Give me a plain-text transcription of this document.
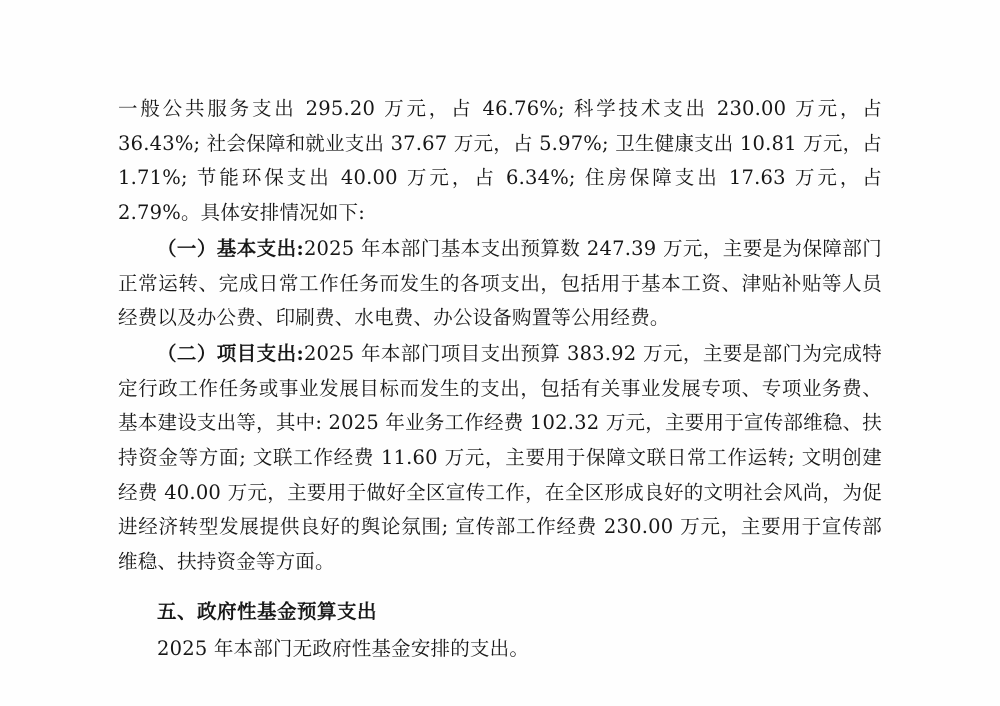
一般公共服务支出 295.20 万元，占 46.76%; 科学技术支出 230.00 万元，占 36.43%; 社会保障和就业支出 37.67 万元，占 5.97%; 卫生健康支出 10.81 万元，占 1.71%; 节能环保支出 40.00 万元，占 6.34%; 住房保障支出 17.63 万元，占 2.79%。具体安排情况如下:

（一）基本支出:2025 年本部门基本支出预算数 247.39 万元，主要是为保障部门正常运转、完成日常工作任务而发生的各项支出，包括用于基本工资、津贴补贴等人员经费以及办公费、印刷费、水电费、办公设备购置等公用经费。

（二）项目支出:2025 年本部门项目支出预算 383.92 万元，主要是部门为完成特定行政工作任务或事业发展目标而发生的支出，包括有关事业发展专项、专项业务费、基本建设支出等，其中: 2025 年业务工作经费 102.32 万元，主要用于宣传部维稳、扶持资金等方面; 文联工作经费 11.60 万元，主要用于保障文联日常工作运转; 文明创建经费 40.00 万元，主要用于做好全区宣传工作，在全区形成良好的文明社会风尚，为促进经济转型发展提供良好的舆论氛围; 宣传部工作经费 230.00 万元，主要用于宣传部维稳、扶持资金等方面。

五、政府性基金预算支出

2025 年本部门无政府性基金安排的支出。
